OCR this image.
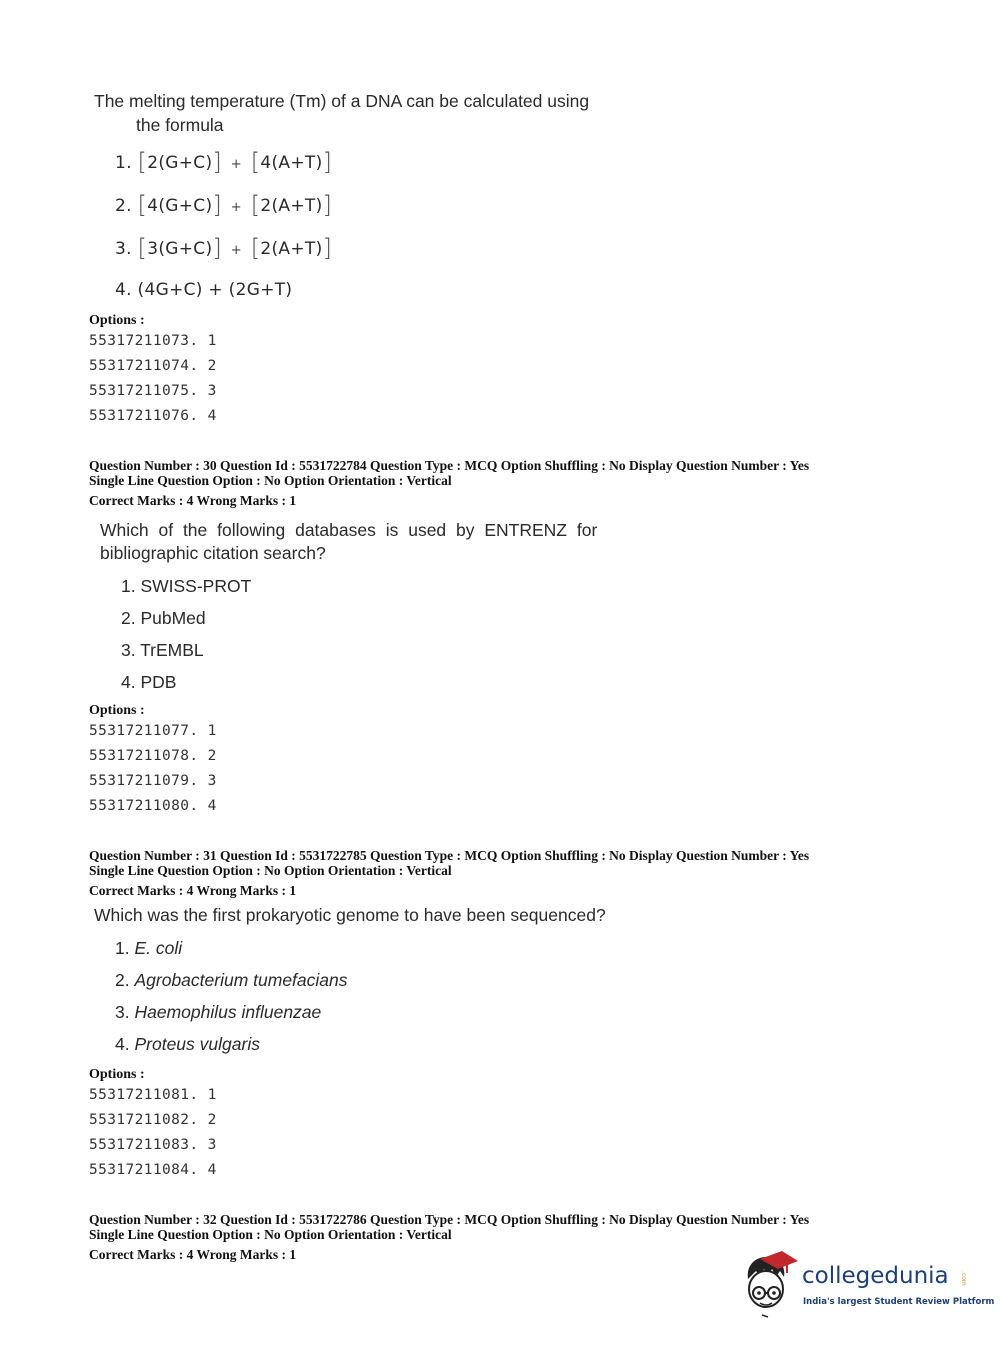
The melting temperature (Tm) of a DNA can be calculated using
the formula
1. [2(G+C)] + [4(A+T)]
2. [4(G+C)] + [2(A+T)]
3. [3(G+C)] + [2(A+T)]
4. (4G+C) + (2G+T)
Options :
55317211073. 1
55317211074. 2
55317211075. 3
55317211076. 4
Question Number : 30 Question Id : 5531722784 Question Type : MCQ Option Shuffling : No Display Question Number : Yes
Single Line Question Option : No Option Orientation : Vertical
Correct Marks : 4 Wrong Marks : 1
Which of the following databases is used by ENTRENZ for
bibliographic citation search?
1. SWISS-PROT
2. PubMed
3. TrEMBL
4. PDB
Options :
55317211077. 1
55317211078. 2
55317211079. 3
55317211080. 4
Question Number : 31 Question Id : 5531722785 Question Type : MCQ Option Shuffling : No Display Question Number : Yes
Single Line Question Option : No Option Orientation : Vertical
Correct Marks : 4 Wrong Marks : 1
Which was the first prokaryotic genome to have been sequenced?
1. E. coli
2. Agrobacterium tumefacians
3. Haemophilus influenzae
4. Proteus vulgaris
Options :
55317211081. 1
55317211082. 2
55317211083. 3
55317211084. 4
Question Number : 32 Question Id : 5531722786 Question Type : MCQ Option Shuffling : No Display Question Number : Yes
Single Line Question Option : No Option Orientation : Vertical
Correct Marks : 4 Wrong Marks : 1
collegedunia .com
India's largest Student Review Platform
